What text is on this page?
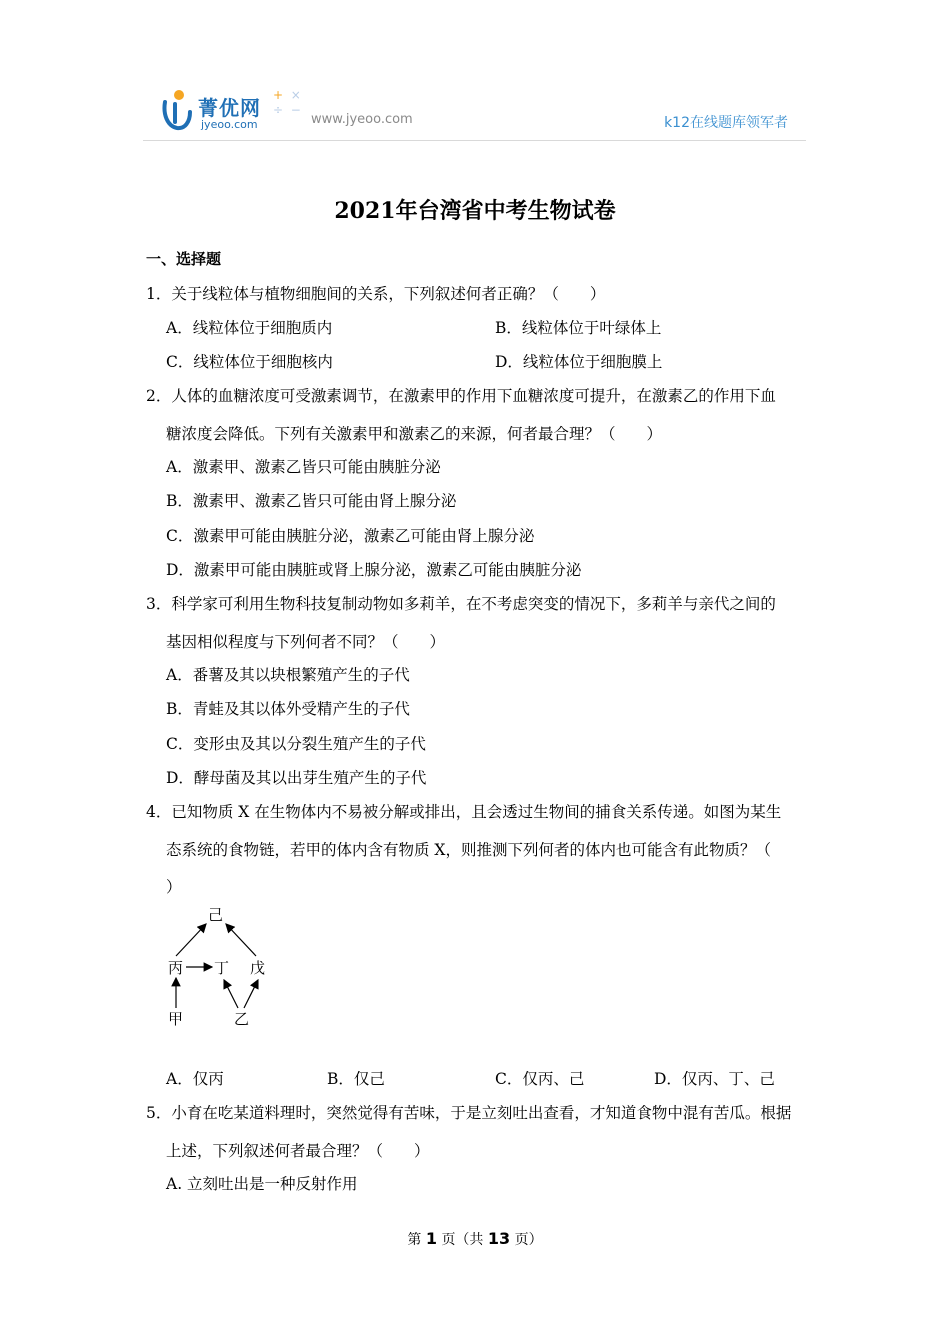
菁优网
jyeoo.com
+ ×
÷ −
www.jyeoo.com	k12在线题库领军者
2021年台湾省中考生物试卷
一、选择题
1．关于线粒体与植物细胞间的关系，下列叙述何者正确？（　　）
A．线粒体位于细胞质内	B．线粒体位于叶绿体上
C．线粒体位于细胞核内	D．线粒体位于细胞膜上
2．人体的血糖浓度可受激素调节，在激素甲的作用下血糖浓度可提升，在激素乙的作用下血
糖浓度会降低。下列有关激素甲和激素乙的来源，何者最合理？（　　）
A．激素甲、激素乙皆只可能由胰脏分泌
B．激素甲、激素乙皆只可能由肾上腺分泌
C．激素甲可能由胰脏分泌，激素乙可能由肾上腺分泌
D．激素甲可能由胰脏或肾上腺分泌，激素乙可能由胰脏分泌
3．科学家可利用生物科技复制动物如多莉羊，在不考虑突变的情况下，多莉羊与亲代之间的
基因相似程度与下列何者不同？（　　）
A．番薯及其以块根繁殖产生的子代
B．青蛙及其以体外受精产生的子代
C．变形虫及其以分裂生殖产生的子代
D．酵母菌及其以出芽生殖产生的子代
4．已知物质 X 在生物体内不易被分解或排出，且会透过生物间的捕食关系传递。如图为某生
态系统的食物链，若甲的体内含有物质 X，则推测下列何者的体内也可能含有此物质？（
）
己
丙 丁 戊
甲	乙
A．仅丙	B．仅己	C．仅丙、己	D．仅丙、丁、己
5．小育在吃某道料理时，突然觉得有苦味，于是立刻吐出查看，才知道食物中混有苦瓜。根据
上述，下列叙述何者最合理？（　　）
A. 立刻吐出是一种反射作用
第 1 页（共 13 页）
